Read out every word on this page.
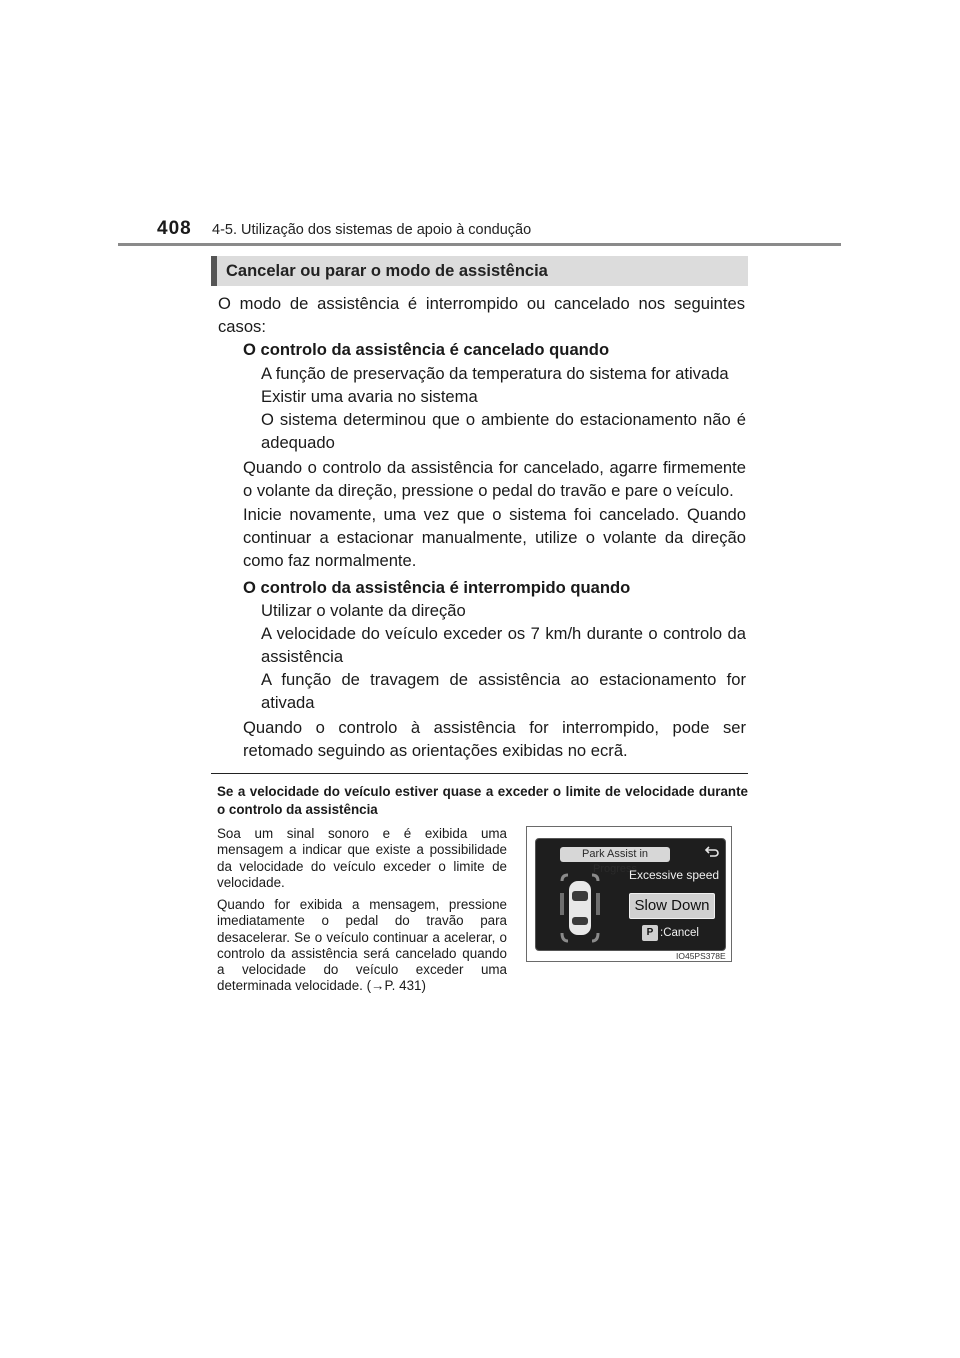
408 4-5. Utilização dos sistemas de apoio à condução
Cancelar ou parar o modo de assistência
O modo de assistência é interrompido ou cancelado nos seguintes casos:
O controlo da assistência é cancelado quando
A função de preservação da temperatura do sistema for ativada
Existir uma avaria no sistema
O sistema determinou que o ambiente do estacionamento não é adequado
Quando o controlo da assistência for cancelado, agarre firmemente o volante da direção, pressione o pedal do travão e pare o veículo.
Inicie novamente, uma vez que o sistema foi cancelado. Quando continuar a estacionar manualmente, utilize o volante da direção como faz normalmente.
O controlo da assistência é interrompido quando
Utilizar o volante da direção
A velocidade do veículo exceder os 7 km/h durante o controlo da assistência
A função de travagem de assistência ao estacionamento for ativada
Quando o controlo à assistência for interrompido, pode ser retomado seguindo as orientações exibidas no ecrã.
Se a velocidade do veículo estiver quase a exceder o limite de velocidade durante o controlo da assistência
Soa um sinal sonoro e é exibida uma mensagem a indicar que existe a possibilidade da velocidade do veículo exceder o limite de velocidade.
Quando for exibida a mensagem, pressione imediatamente o pedal do travão para desacelerar. Se o veículo continuar a acelerar, o controlo da assistência será cancelado quando a velocidade do veículo exceder uma determinada velocidade. (→P. 431)
Park Assist in Progress
Excessive speed
Slow Down
P :Cancel
IO45PS378E
